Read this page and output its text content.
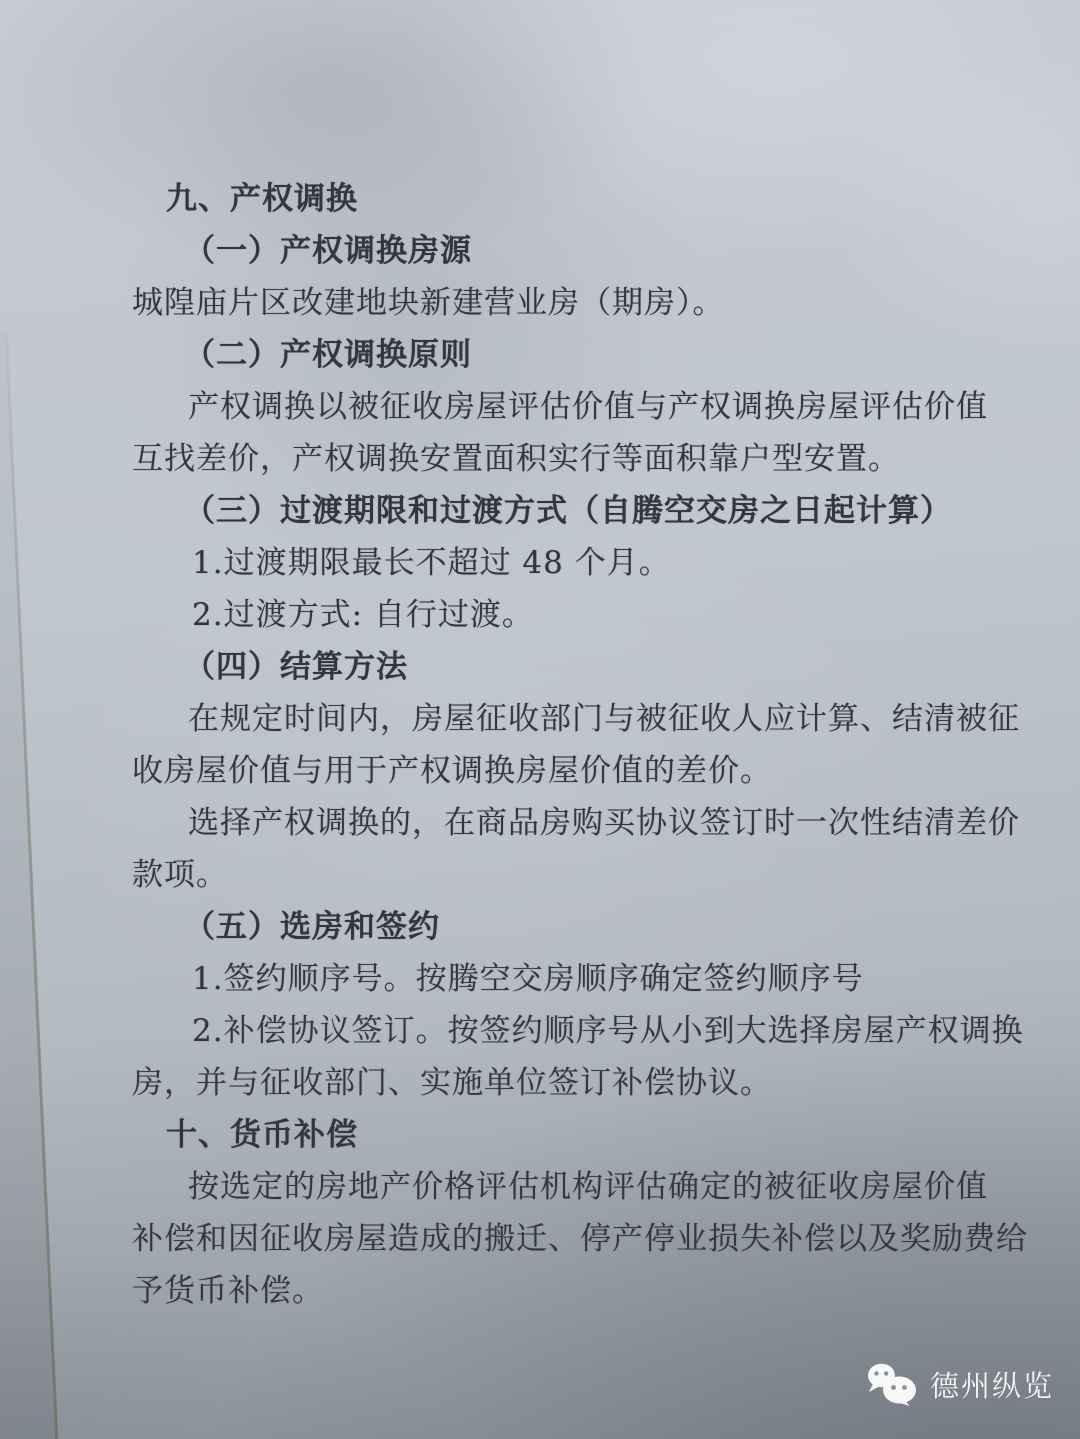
九、产权调换
（一）产权调换房源
城隍庙片区改建地块新建营业房（期房）。
（二）产权调换原则
产权调换以被征收房屋评估价值与产权调换房屋评估价值
互找差价，产权调换安置面积实行等面积靠户型安置。
（三）过渡期限和过渡方式（自腾空交房之日起计算）
1.过渡期限最长不超过 48 个月。
2.过渡方式: 自行过渡。
（四）结算方法
在规定时间内，房屋征收部门与被征收人应计算、结清被征
收房屋价值与用于产权调换房屋价值的差价。
选择产权调换的，在商品房购买协议签订时一次性结清差价
款项。
（五）选房和签约
1.签约顺序号。按腾空交房顺序确定签约顺序号
2.补偿协议签订。按签约顺序号从小到大选择房屋产权调换
房，并与征收部门、实施单位签订补偿协议。
十、货币补偿
按选定的房地产价格评估机构评估确定的被征收房屋价值
补偿和因征收房屋造成的搬迁、停产停业损失补偿以及奖励费给
予货币补偿。
德州纵览
